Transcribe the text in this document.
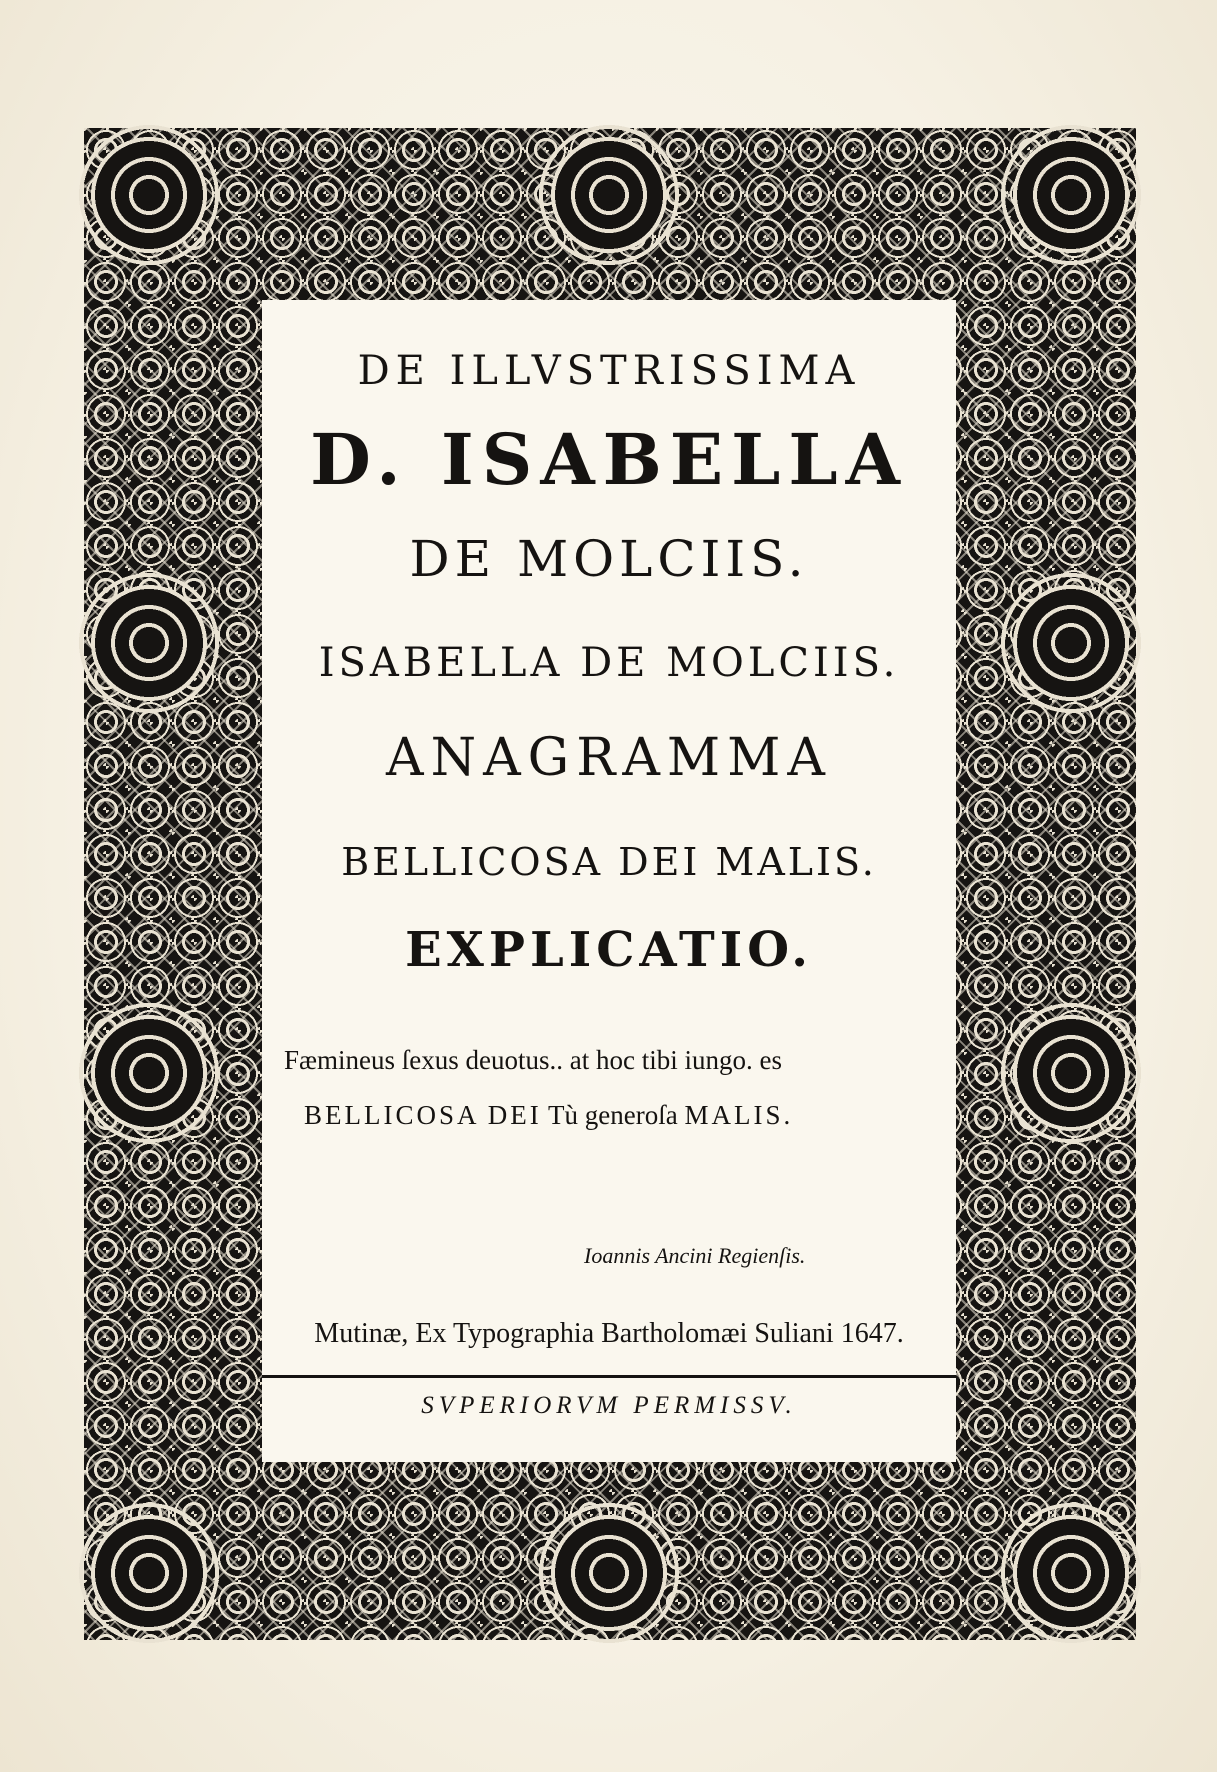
DE ILLVSTRISSIMA
D. ISABELLA
DE MOLCIIS.
ISABELLA DE MOLCIIS.
ANAGRAMMA
BELLICOSA DEI MALIS.
EXPLICATIO.
Fæmineus ſexus deuotus.. at hoc tibi iungo. es
BELLICOSA DEI Tù generoſa MALIS.
Ioannis Ancini Regienſis.
Mutinæ, Ex Typographia Bartholomæi Suliani 1647.
SVPERIORVM PERMISSV.
